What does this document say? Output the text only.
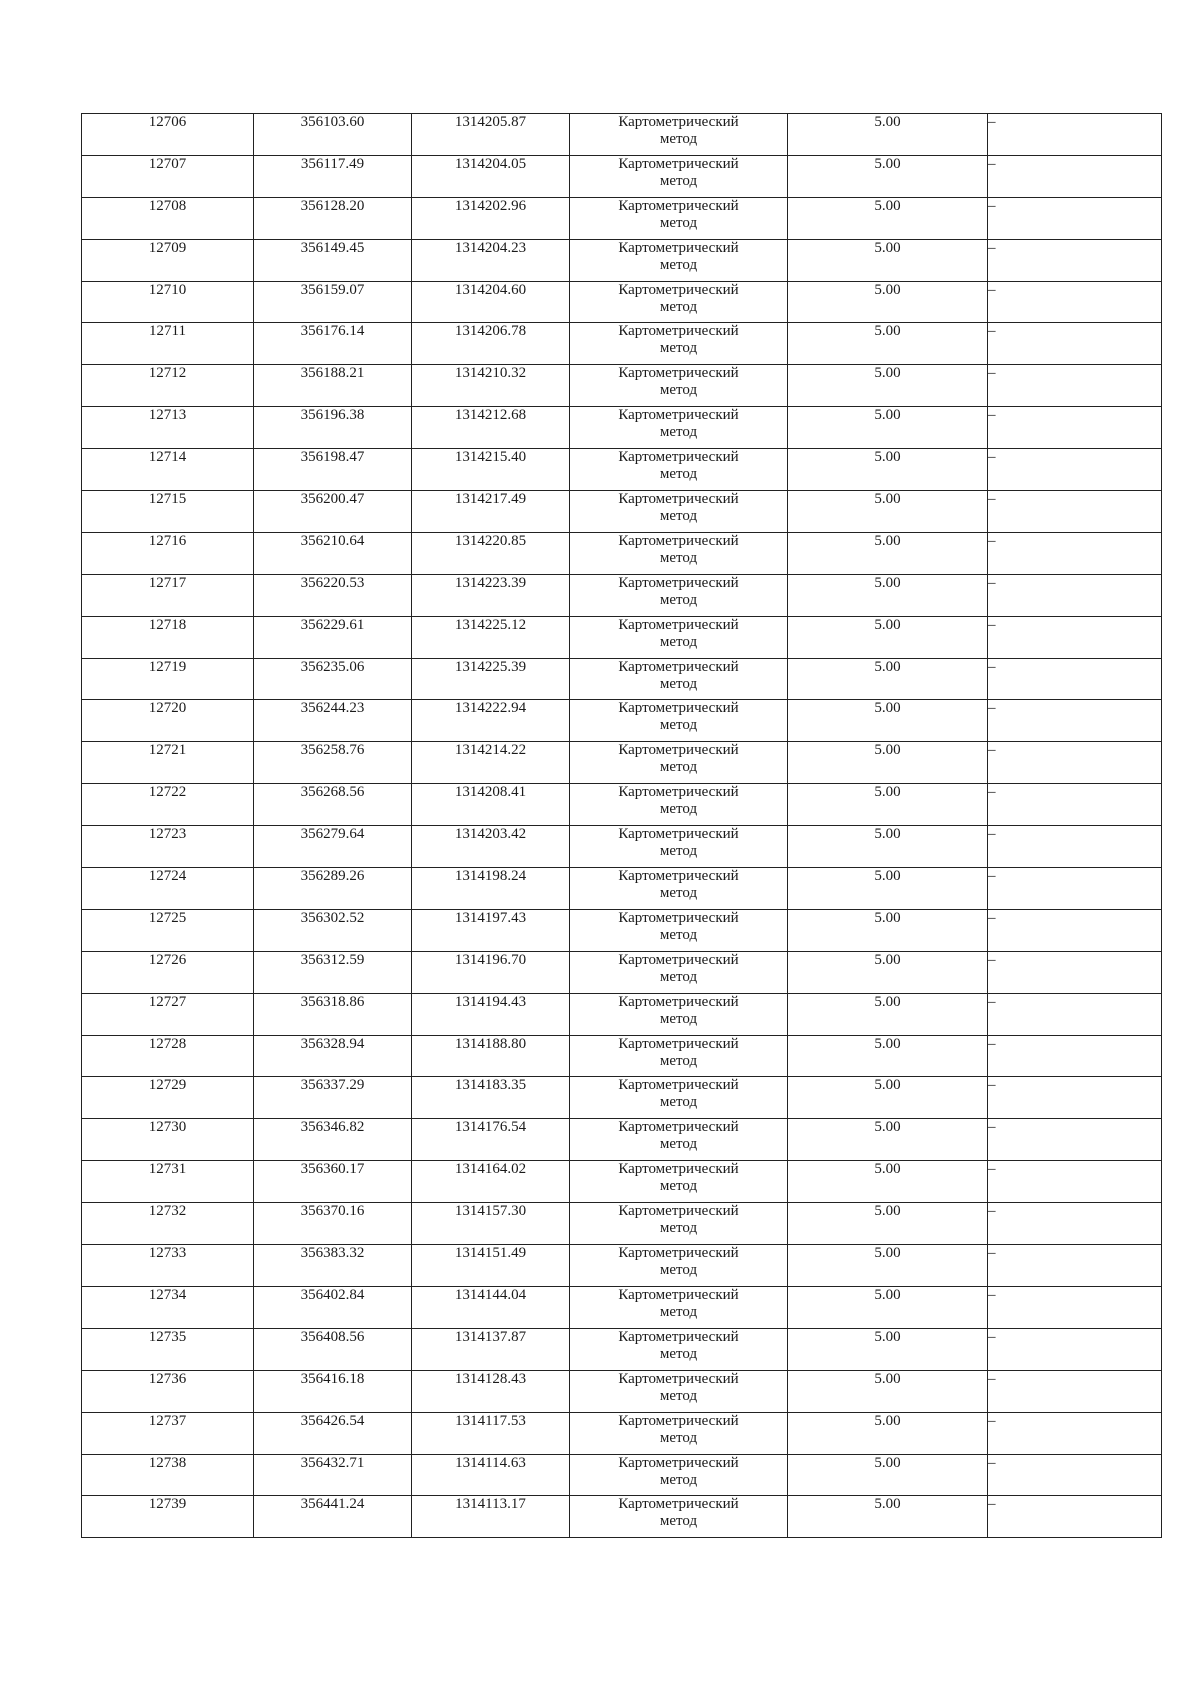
12706	356103.60	1314205.87	Картометрический
метод	5.00	–
12707	356117.49	1314204.05	Картометрический
метод	5.00	–
12708	356128.20	1314202.96	Картометрический
метод	5.00	–
12709	356149.45	1314204.23	Картометрический
метод	5.00	–
12710	356159.07	1314204.60	Картометрический
метод	5.00	–
12711	356176.14	1314206.78	Картометрический
метод	5.00	–
12712	356188.21	1314210.32	Картометрический
метод	5.00	–
12713	356196.38	1314212.68	Картометрический
метод	5.00	–
12714	356198.47	1314215.40	Картометрический
метод	5.00	–
12715	356200.47	1314217.49	Картометрический
метод	5.00	–
12716	356210.64	1314220.85	Картометрический
метод	5.00	–
12717	356220.53	1314223.39	Картометрический
метод	5.00	–
12718	356229.61	1314225.12	Картометрический
метод	5.00	–
12719	356235.06	1314225.39	Картометрический
метод	5.00	–
12720	356244.23	1314222.94	Картометрический
метод	5.00	–
12721	356258.76	1314214.22	Картометрический
метод	5.00	–
12722	356268.56	1314208.41	Картометрический
метод	5.00	–
12723	356279.64	1314203.42	Картометрический
метод	5.00	–
12724	356289.26	1314198.24	Картометрический
метод	5.00	–
12725	356302.52	1314197.43	Картометрический
метод	5.00	–
12726	356312.59	1314196.70	Картометрический
метод	5.00	–
12727	356318.86	1314194.43	Картометрический
метод	5.00	–
12728	356328.94	1314188.80	Картометрический
метод	5.00	–
12729	356337.29	1314183.35	Картометрический
метод	5.00	–
12730	356346.82	1314176.54	Картометрический
метод	5.00	–
12731	356360.17	1314164.02	Картометрический
метод	5.00	–
12732	356370.16	1314157.30	Картометрический
метод	5.00	–
12733	356383.32	1314151.49	Картометрический
метод	5.00	–
12734	356402.84	1314144.04	Картометрический
метод	5.00	–
12735	356408.56	1314137.87	Картометрический
метод	5.00	–
12736	356416.18	1314128.43	Картометрический
метод	5.00	–
12737	356426.54	1314117.53	Картометрический
метод	5.00	–
12738	356432.71	1314114.63	Картометрический
метод	5.00	–
12739	356441.24	1314113.17	Картометрический
метод	5.00	–
